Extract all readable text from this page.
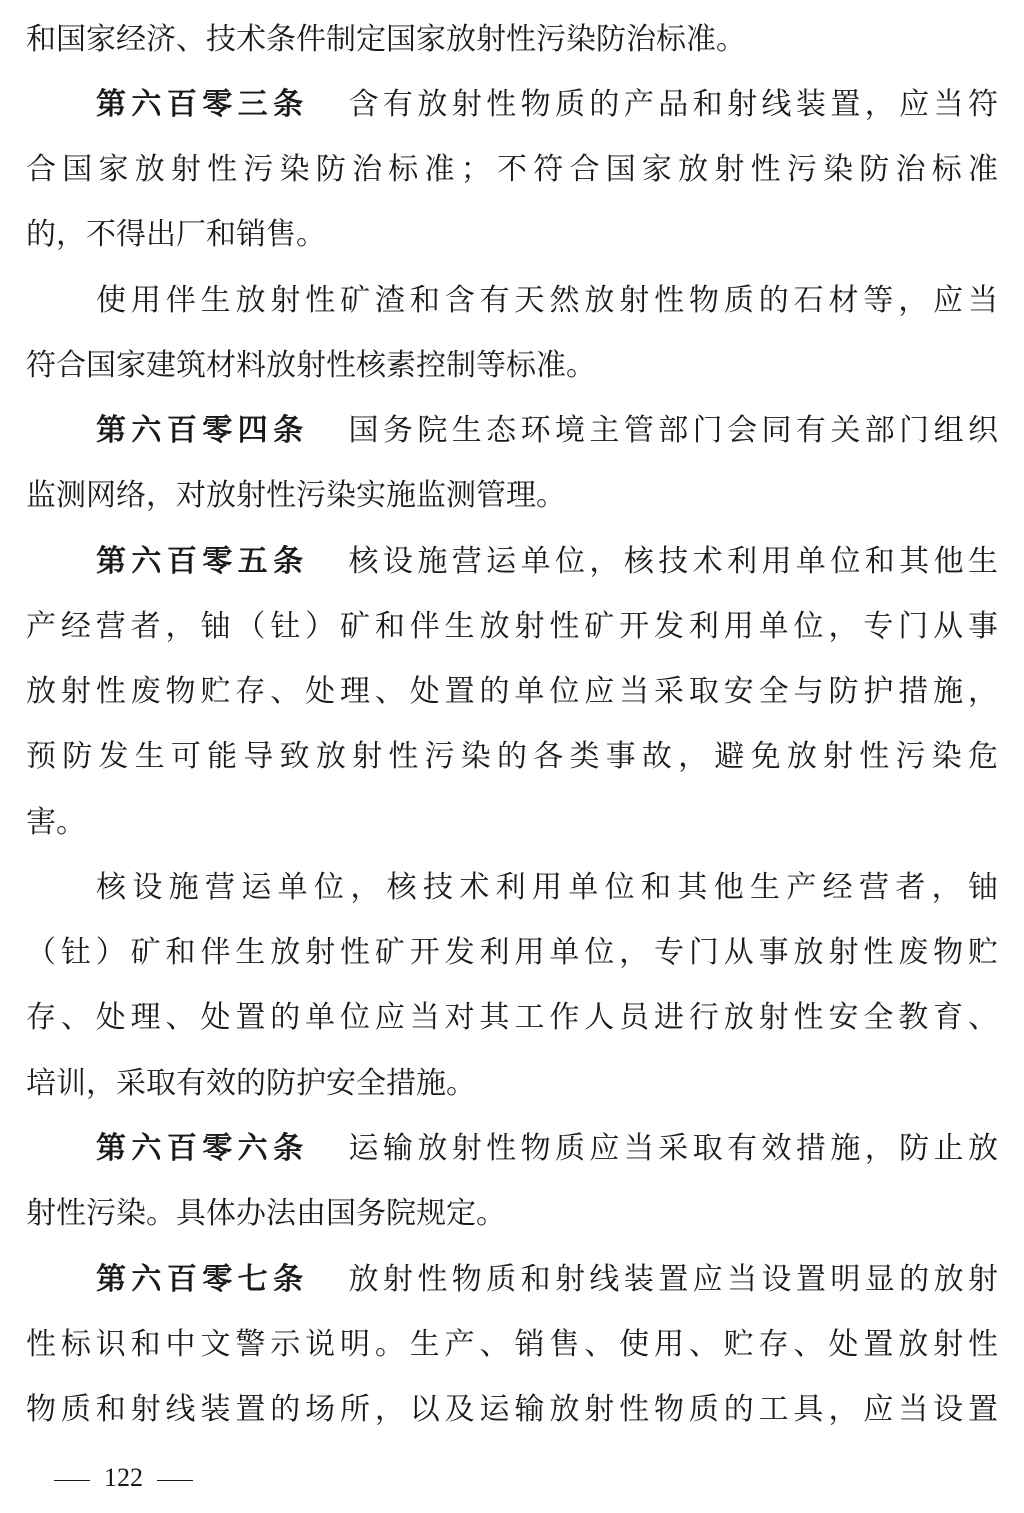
和国家经济、技术条件制定国家放射性污染防治标准。
第六百零三条 含有放射性物质的产品和射线装置，应当符
合国家放射性污染防治标准；不符合国家放射性污染防治标准
的，不得出厂和销售。
使用伴生放射性矿渣和含有天然放射性物质的石材等，应当
符合国家建筑材料放射性核素控制等标准。
第六百零四条 国务院生态环境主管部门会同有关部门组织
监测网络，对放射性污染实施监测管理。
第六百零五条 核设施营运单位，核技术利用单位和其他生
产经营者，铀（钍）矿和伴生放射性矿开发利用单位，专门从事
放射性废物贮存、处理、处置的单位应当采取安全与防护措施，
预防发生可能导致放射性污染的各类事故，避免放射性污染危
害。
核设施营运单位，核技术利用单位和其他生产经营者，铀
（钍）矿和伴生放射性矿开发利用单位，专门从事放射性废物贮
存、处理、处置的单位应当对其工作人员进行放射性安全教育、
培训，采取有效的防护安全措施。
第六百零六条 运输放射性物质应当采取有效措施，防止放
射性污染。具体办法由国务院规定。
第六百零七条 放射性物质和射线装置应当设置明显的放射
性标识和中文警示说明。生产、销售、使用、贮存、处置放射性
物质和射线装置的场所，以及运输放射性物质的工具，应当设置
122
